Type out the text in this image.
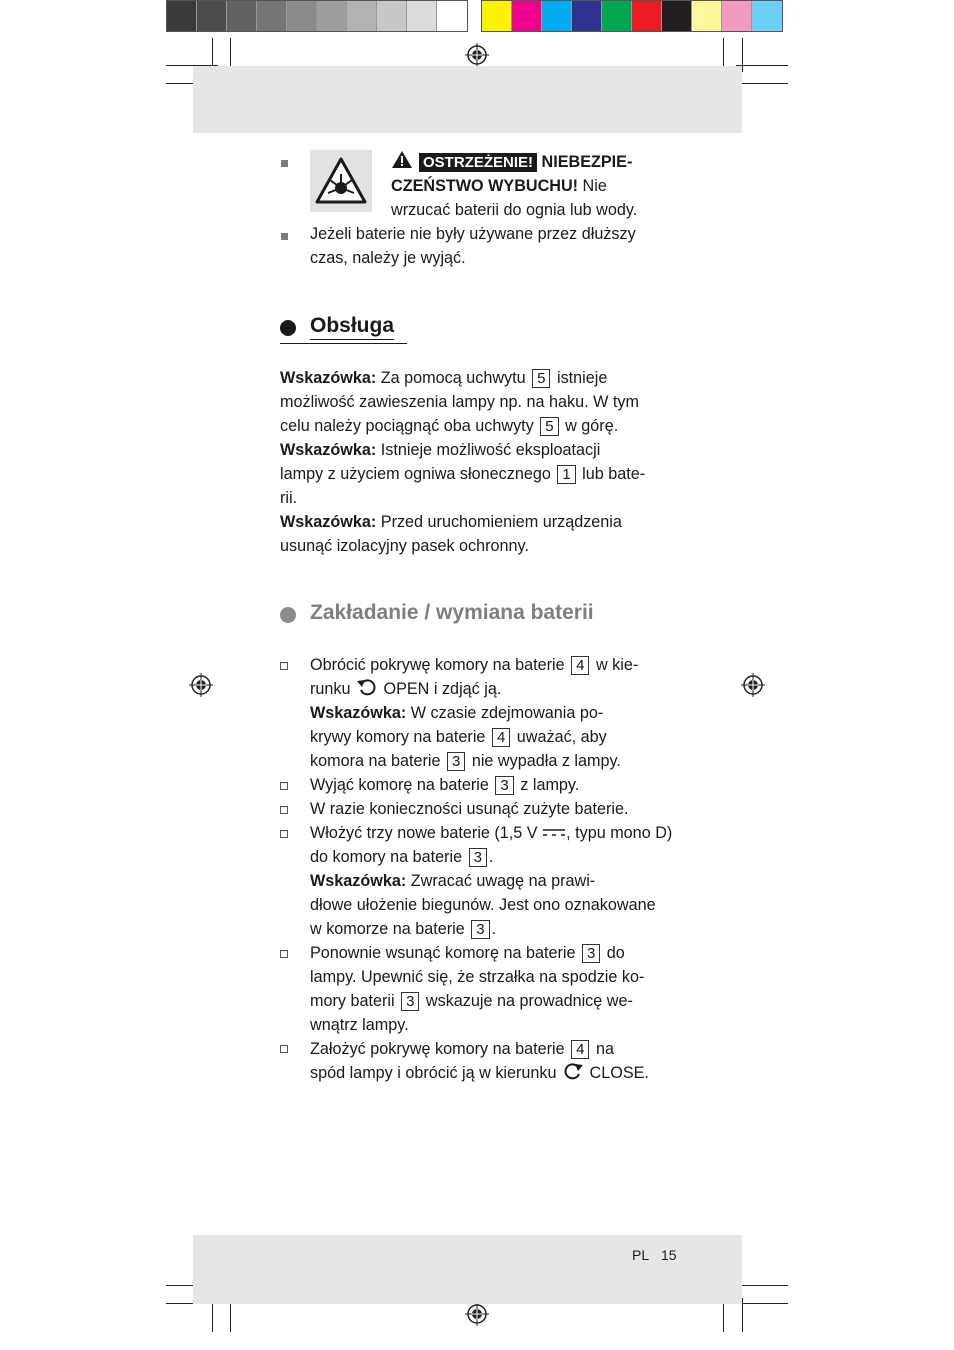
OSTRZEŻENIE! NIEBEZPIE-
CZEŃSTWO WYBUCHU! Nie
wrzucać baterii do ognia lub wody.
Jeżeli baterie nie były używane przez dłuższy
czas, należy je wyjąć.
Obsługa
Wskazówka: Za pomocą uchwytu 5 istnieje
możliwość zawieszenia lampy np. na haku. W tym
celu należy pociągnąć oba uchwyty 5 w górę.
Wskazówka: Istnieje możliwość eksploatacji
lampy z użyciem ogniwa słonecznego 1 lub bate-
rii.
Wskazówka: Przed uruchomieniem urządzenia
usunąć izolacyjny pasek ochronny.
Zakładanie / wymiana baterii
Obrócić pokrywę komory na baterie 4 w kie-
runku OPEN i zdjąć ją.
Wskazówka: W czasie zdejmowania po-
krywy komory na baterie 4 uważać, aby
komora na baterie 3 nie wypadła z lampy.
Wyjąć komorę na baterie 3 z lampy.
W razie konieczności usunąć zużyte baterie.
Włożyć trzy nowe baterie (1,5 V , typu mono D)
do komory na baterie 3 .
Wskazówka: Zwracać uwagę na prawi-
dłowe ułożenie biegunów. Jest ono oznakowane
w komorze na baterie 3 .
Ponownie wsunąć komorę na baterie 3 do
lampy. Upewnić się, że strzałka na spodzie ko-
mory baterii 3 wskazuje na prowadnicę we-
wnątrz lampy.
Założyć pokrywę komory na baterie 4 na
spód lampy i obrócić ją w kierunku CLOSE.
PL 15
